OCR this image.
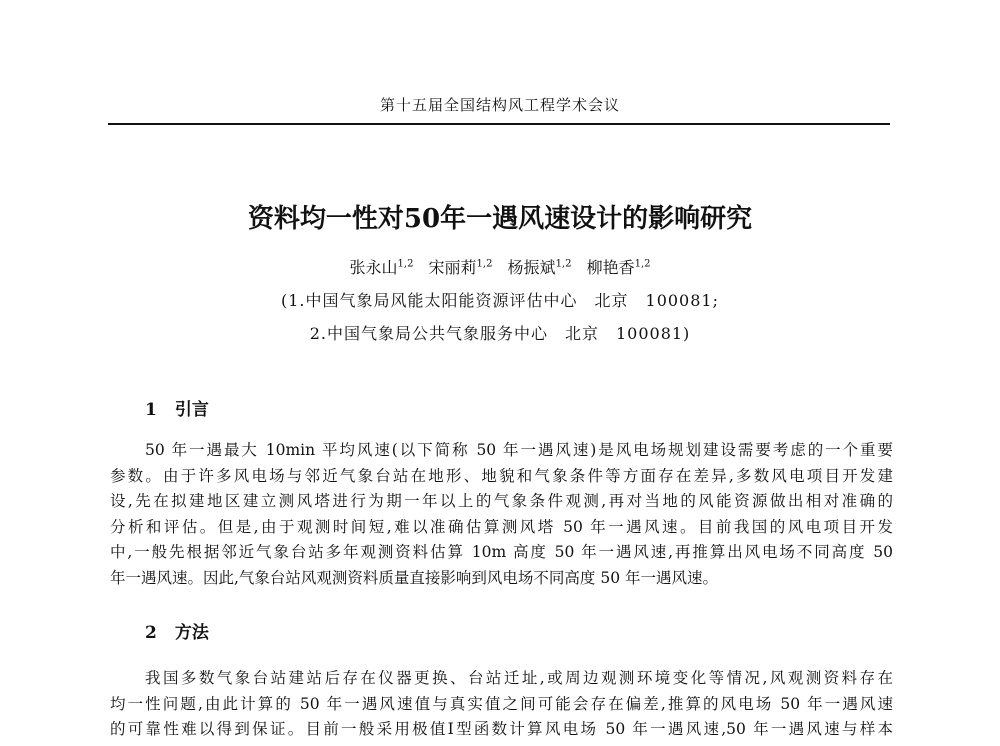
第十五届全国结构风工程学术会议
资料均一性对50年一遇风速设计的影响研究
张永山$^{1,2}$ 宋丽莉$^{1,2}$ 杨振斌$^{1,2}$ 柳艳香$^{1,2}$
(1.中国气象局风能太阳能资源评估中心　北京　100081;
2.中国气象局公共气象服务中心　北京　100081)
1 引言
2 方法
50 年一遇最大 10min 平均风速(以下简称 50 年一遇风速)是风电场规划建设需要考虑的一个重要
参数。由于许多风电场与邻近气象台站在地形、地貌和气象条件等方面存在差异,多数风电项目开发建
设,先在拟建地区建立测风塔进行为期一年以上的气象条件观测,再对当地的风能资源做出相对准确的
分析和评估。但是,由于观测时间短,难以准确估算测风塔 50 年一遇风速。目前我国的风电项目开发
中,一般先根据邻近气象台站多年观测资料估算 10m 高度 50 年一遇风速,再推算出风电场不同高度 50
年一遇风速。因此,气象台站风观测资料质量直接影响到风电场不同高度 50 年一遇风速。
我国多数气象台站建站后存在仪器更换、台站迁址,或周边观测环境变化等情况,风观测资料存在
均一性问题,由此计算的 50 年一遇风速值与真实值之间可能会存在偏差,推算的风电场 50 年一遇风速
的可靠性难以得到保证。目前一般采用极值Ⅰ型函数计算风电场 50 年一遇风速,50 年一遇风速与样本
